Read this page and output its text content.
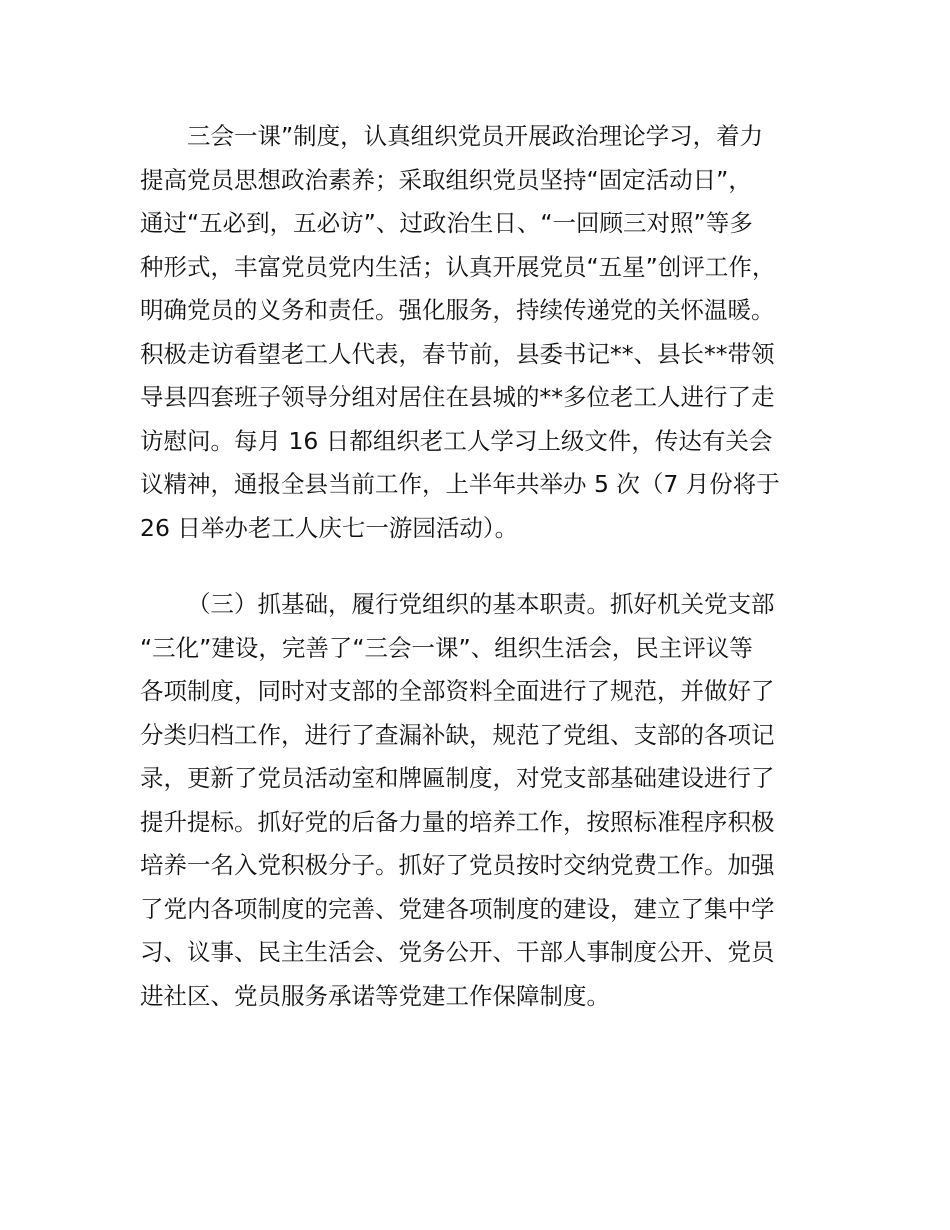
三会一课”制度，认真组织党员开展政治理论学习，着力
提高党员思想政治素养；采取组织党员坚持“固定活动日”，
通过“五必到，五必访”、过政治生日、“一回顾三对照”等多
种形式，丰富党员党内生活；认真开展党员“五星”创评工作，
明确党员的义务和责任。强化服务，持续传递党的关怀温暖。
积极走访看望老工人代表，春节前，县委书记**、县长**带领
导县四套班子领导分组对居住在县城的**多位老工人进行了走
访慰问。每月 16 日都组织老工人学习上级文件，传达有关会
议精神，通报全县当前工作，上半年共举办 5 次（7 月份将于
26 日举办老工人庆七一游园活动）。
（三）抓基础，履行党组织的基本职责。抓好机关党支部
“三化”建设，完善了“三会一课”、组织生活会，民主评议等
各项制度，同时对支部的全部资料全面进行了规范，并做好了
分类归档工作，进行了查漏补缺，规范了党组、支部的各项记
录，更新了党员活动室和牌匾制度，对党支部基础建设进行了
提升提标。抓好党的后备力量的培养工作，按照标准程序积极
培养一名入党积极分子。抓好了党员按时交纳党费工作。加强
了党内各项制度的完善、党建各项制度的建设，建立了集中学
习、议事、民主生活会、党务公开、干部人事制度公开、党员
进社区、党员服务承诺等党建工作保障制度。
